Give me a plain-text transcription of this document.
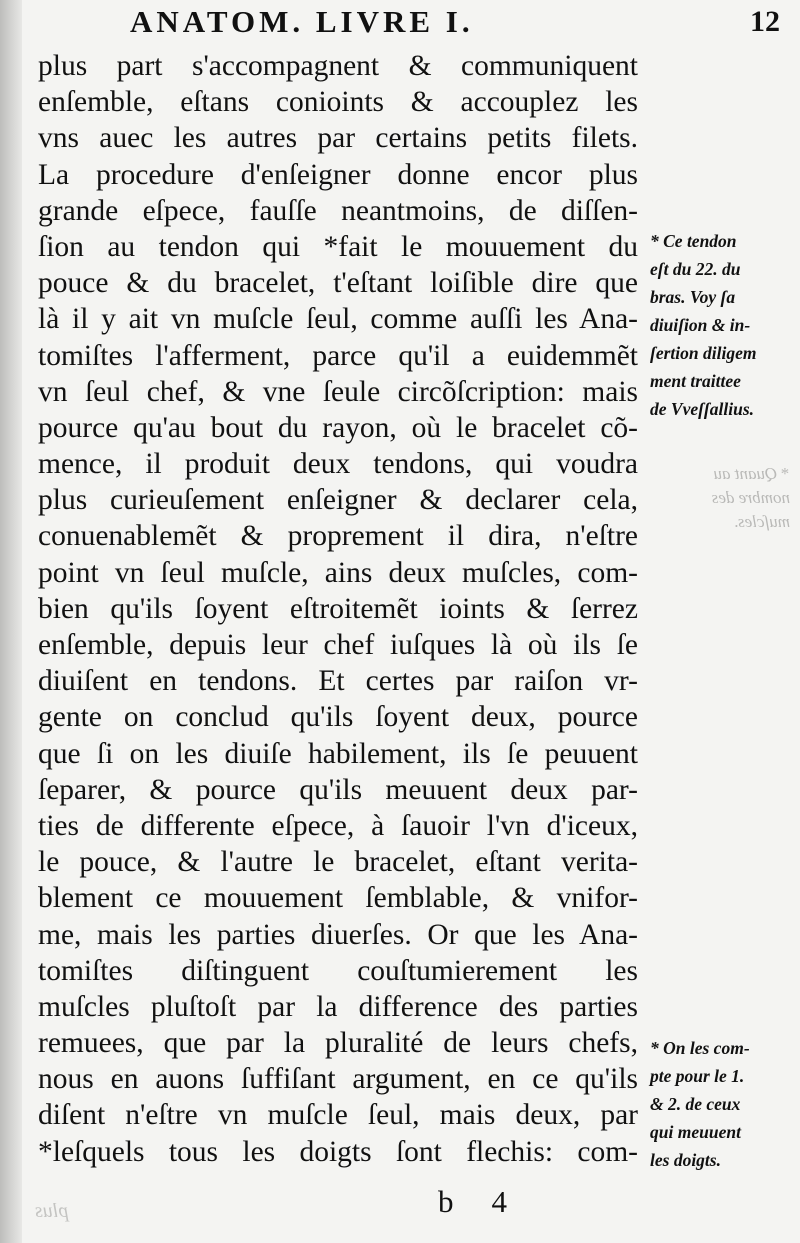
ANATOM. LIVRE I.	12
plus part s'accompagnent & communiquent
enſemble, eſtans conioints & accouplez les
vns auec les autres par certains petits filets.
La procedure d'enſeigner donne encor plus
grande eſpece, fauſſe neantmoins, de diſſen-
ſion au tendon qui *fait le mouuement du
pouce & du bracelet, t'eſtant loiſible dire que
là il y ait vn muſcle ſeul, comme auſſi les Ana-
tomiſtes l'afferment, parce qu'il a euidemmẽt
vn ſeul chef, & vne ſeule circõſcription: mais
pource qu'au bout du rayon, où le bracelet cõ-
mence, il produit deux tendons, qui voudra
plus curieuſement enſeigner & declarer cela,
conuenablemẽt & proprement il dira, n'eſtre
point vn ſeul muſcle, ains deux muſcles, com-
bien qu'ils ſoyent eſtroitemẽt ioints & ſerrez
enſemble, depuis leur chef iuſques là où ils ſe
diuiſent en tendons. Et certes par raiſon vr-
gente on conclud qu'ils ſoyent deux, pource
que ſi on les diuiſe habilement, ils ſe peuuent
ſeparer, & pource qu'ils meuuent deux par-
ties de differente eſpece, à ſauoir l'vn d'iceux,
le pouce, & l'autre le bracelet, eſtant verita-
blement ce mouuement ſemblable, & vnifor-
me, mais les parties diuerſes. Or que les Ana-
tomiſtes diſtinguent couſtumierement les
muſcles pluſtoſt par la difference des parties
remuees, que par la pluralité de leurs chefs,
nous en auons ſuffiſant argument, en ce qu'ils
diſent n'eſtre vn muſcle ſeul, mais deux, par
*leſquels tous les doigts ſont flechis: com-
* Ce tendon
eſt du 22. du
bras. Voy ſa
diuiſion & in-
ſertion diligem
ment traittee
de Vveſſallius.
* Quant au
nombre des
muſcles.
* On les com-
pte pour le 1.
& 2. de ceux
qui meuuent
les doigts.
b 4
plus
